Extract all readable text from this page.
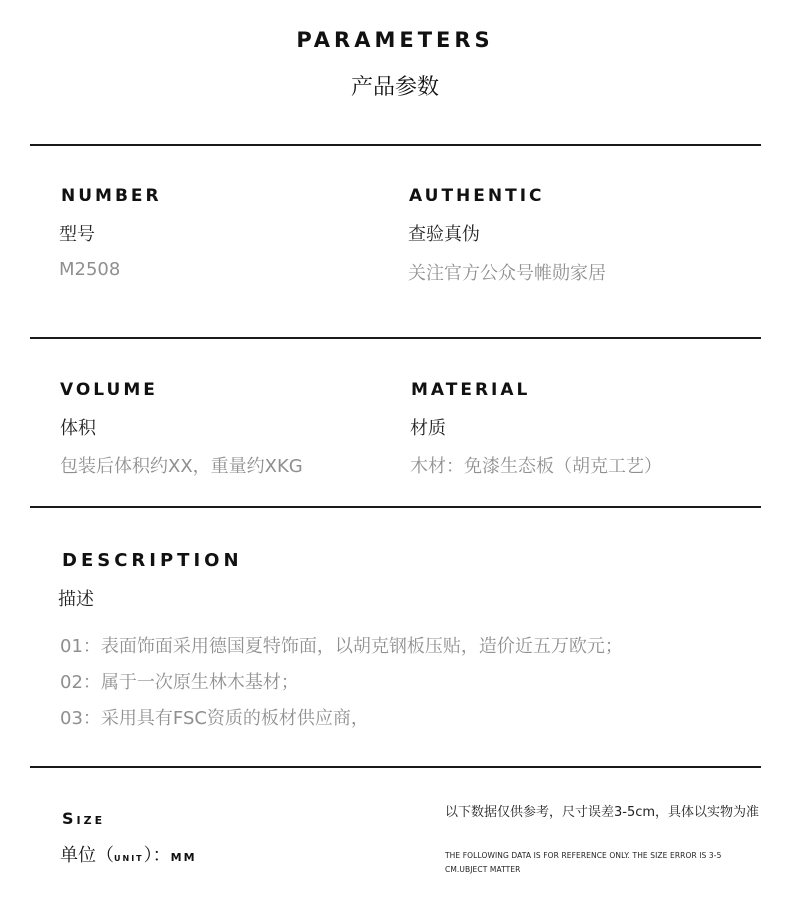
PARAMETERS
产品参数
NUMBER
型号
M2508
AUTHENTIC
查验真伪
关注官方公众号帷勋家居
VOLUME
体积
包装后体积约XX，重量约XKG
MATERIAL
材质
木材：免漆生态板（胡克工艺）
DESCRIPTION
描述
01：表面饰面采用德国夏特饰面，以胡克钢板压贴，造价近五万欧元；
02：属于一次原生林木基材；
03：采用具有FSC资质的板材供应商，
Size
单位（unit）：mm
以下数据仅供参考，尺寸误差3-5cm，具体以实物为准
THE FOLLOWING DATA IS FOR REFERENCE ONLY. THE SIZE ERROR IS 3-5 CM.UBJECT MATTER
